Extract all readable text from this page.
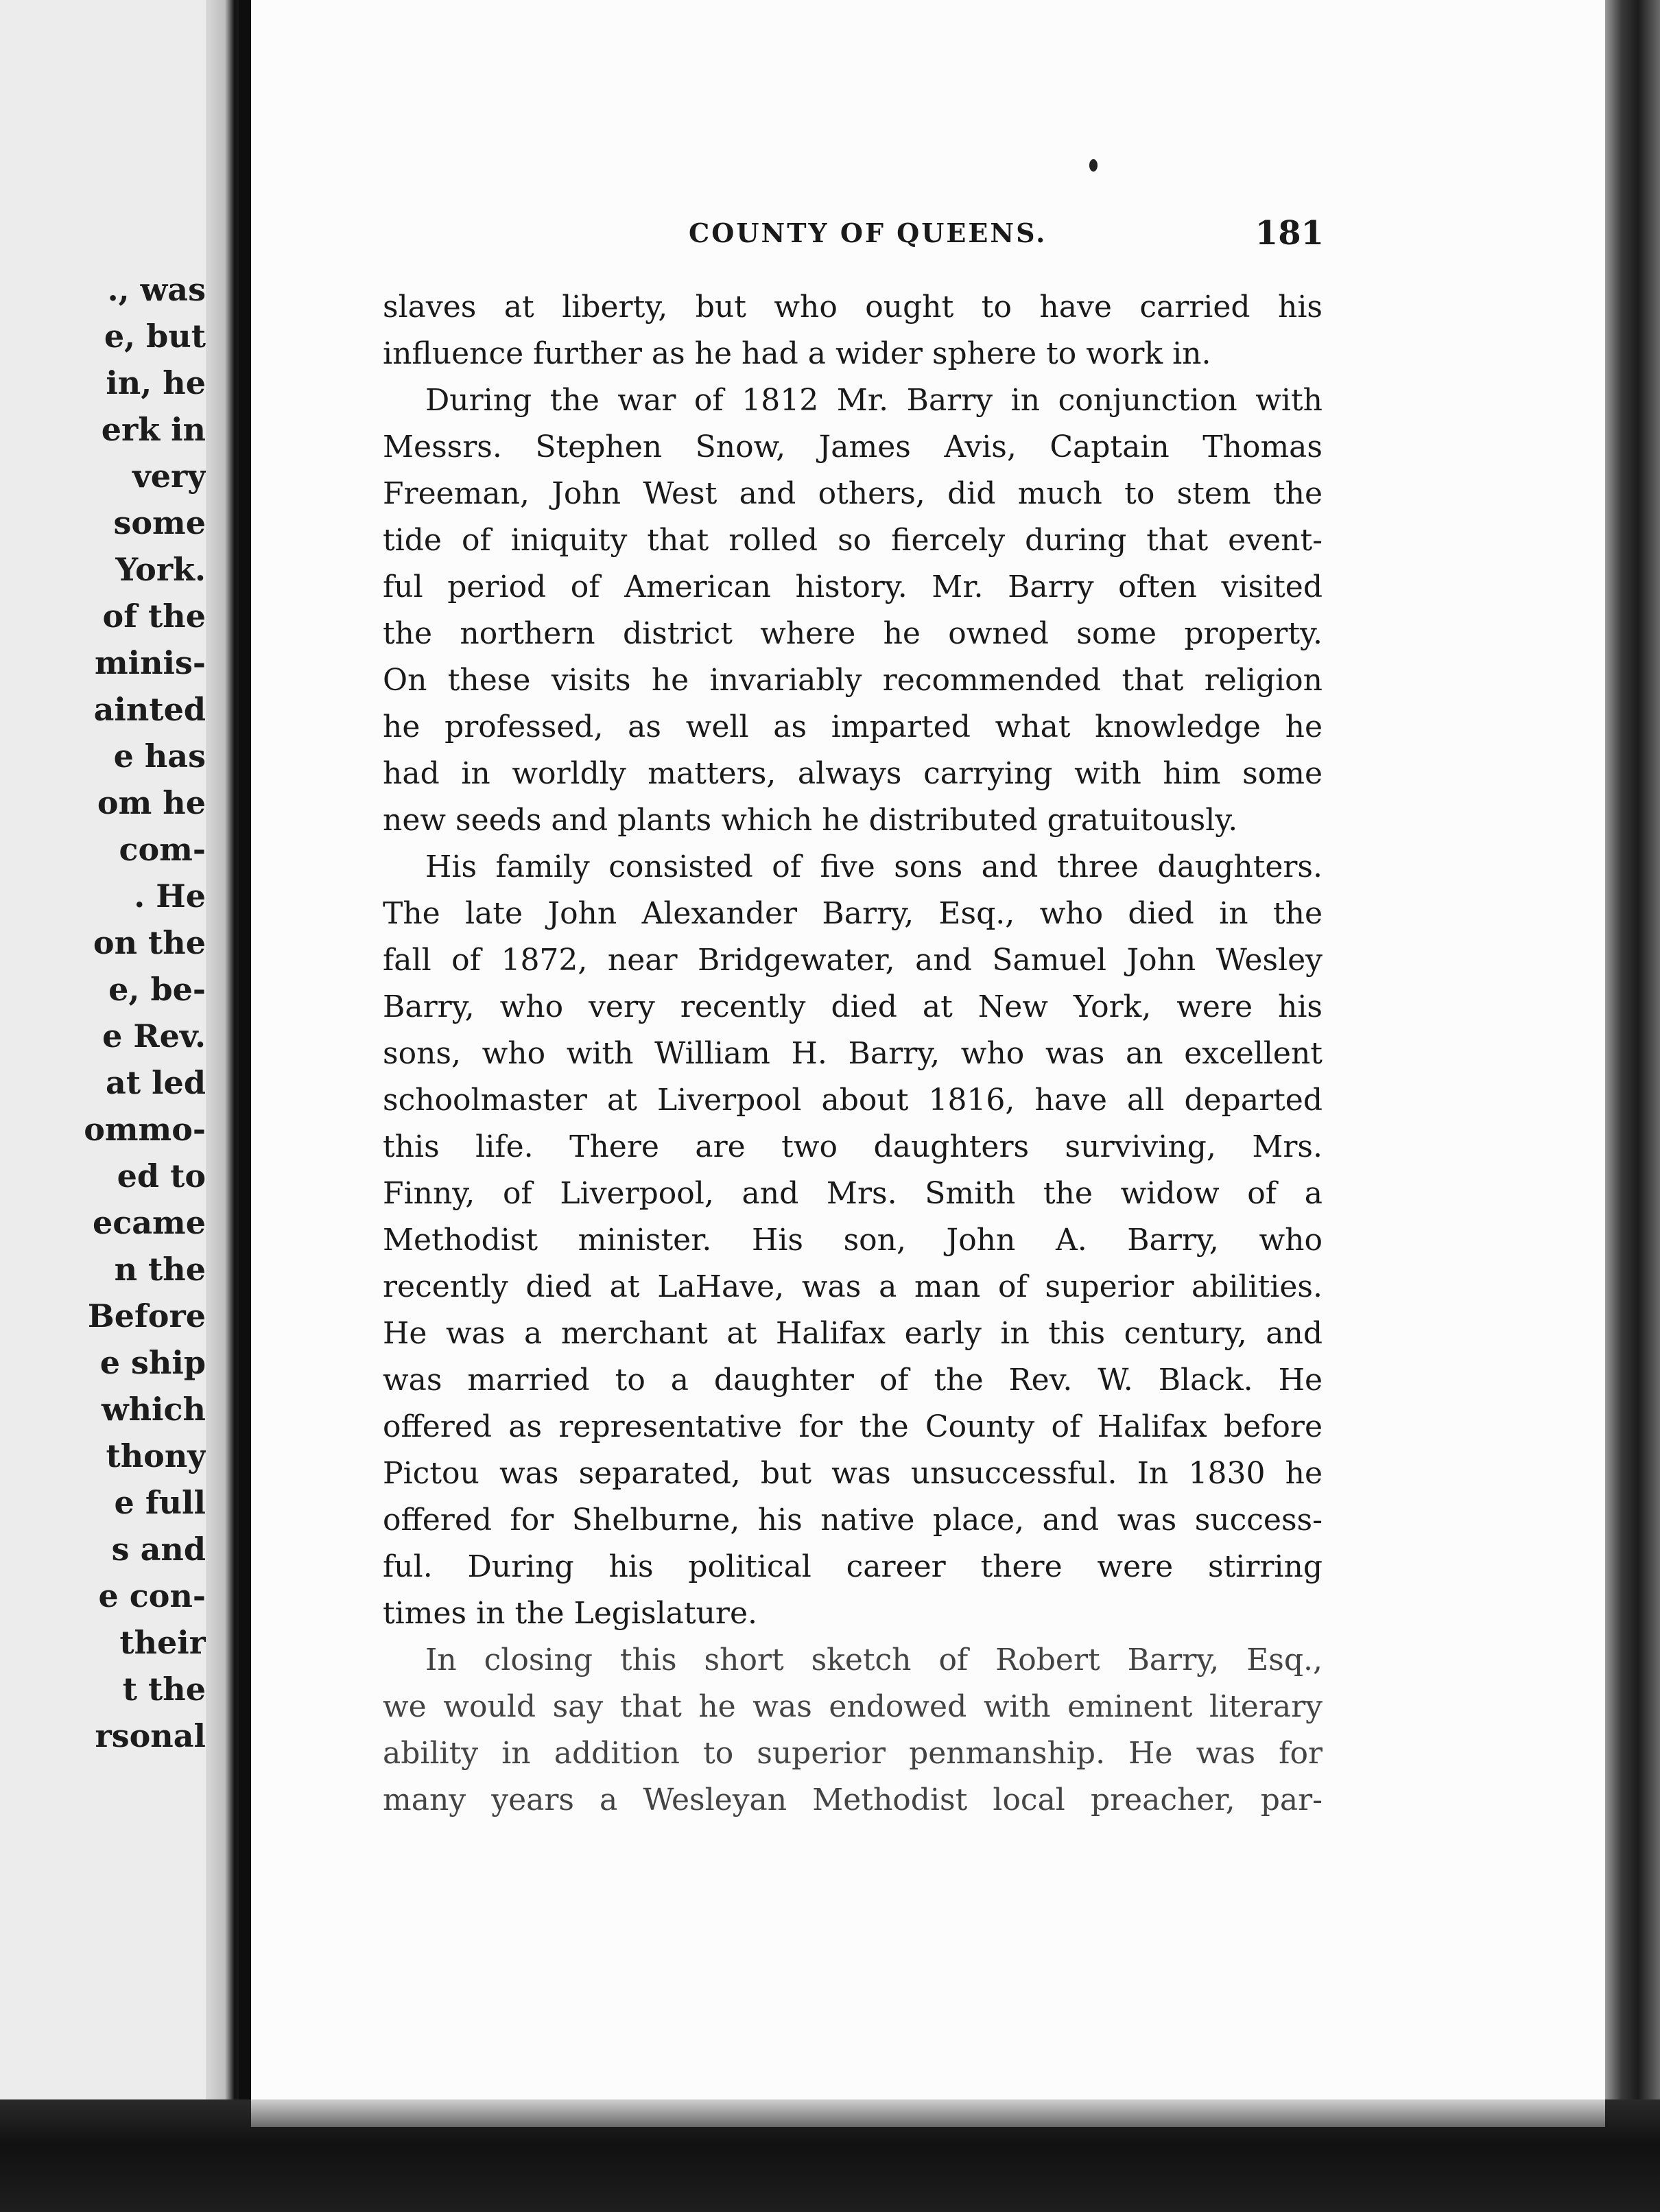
., was
e, but
in, he
erk in
very
some
York.
of the
minis-
ainted
e has
om he
com-
. He
on the
e, be-
e Rev.
at led
ommo-
ed to
ecame
n the
Before
e ship
which
thony
e full
s and
e con-
their
t the
rsonal
COUNTY OF QUEENS.	181
slaves at liberty, but who ought to have carried his
influence further as he had a wider sphere to work in.
During the war of 1812 Mr. Barry in conjunction with
Messrs. Stephen Snow, James Avis, Captain Thomas
Freeman, John West and others, did much to stem the
tide of iniquity that rolled so fiercely during that event-
ful period of American history. Mr. Barry often visited
the northern district where he owned some property.
On these visits he invariably recommended that religion
he professed, as well as imparted what knowledge he
had in worldly matters, always carrying with him some
new seeds and plants which he distributed gratuitously.
His family consisted of five sons and three daughters.
The late John Alexander Barry, Esq., who died in the
fall of 1872, near Bridgewater, and Samuel John Wesley
Barry, who very recently died at New York, were his
sons, who with William H. Barry, who was an excellent
schoolmaster at Liverpool about 1816, have all departed
this life. There are two daughters surviving, Mrs.
Finny, of Liverpool, and Mrs. Smith the widow of a
Methodist minister. His son, John A. Barry, who
recently died at LaHave, was a man of superior abilities.
He was a merchant at Halifax early in this century, and
was married to a daughter of the Rev. W. Black. He
offered as representative for the County of Halifax before
Pictou was separated, but was unsuccessful. In 1830 he
offered for Shelburne, his native place, and was success-
ful. During his political career there were stirring
times in the Legislature.
In closing this short sketch of Robert Barry, Esq.,
we would say that he was endowed with eminent literary
ability in addition to superior penmanship. He was for
many years a Wesleyan Methodist local preacher, par-
